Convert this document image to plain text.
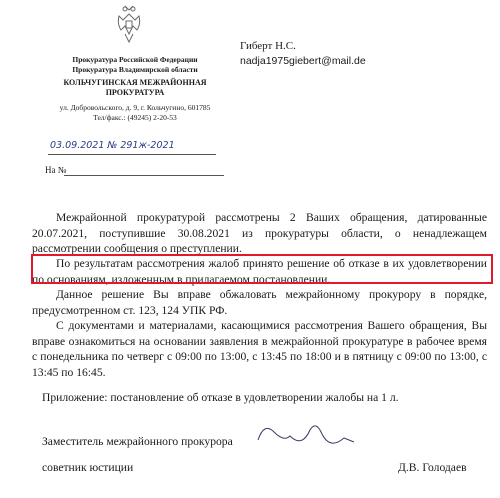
Прокуратура Российской Федерации
Прокуратура Владимирской области
КОЛЬЧУГИНСКАЯ МЕЖРАЙОННАЯ
ПРОКУРАТУРА
ул. Добровольского, д. 9, г. Кольчугино, 601785
Тел/факс.: (49245) 2-20-53
03.09.2021 № 291ж-2021
На №
Гиберт Н.С.
nadja1975giebert@mail.de
Межрайонной прокуратурой рассмотрены 2 Ваших обращения, датированные 20.07.2021, поступившие 30.08.2021 из прокуратуры области, о ненадлежащем рассмотрении сообщения о преступлении.
По результатам рассмотрения жалоб принято решение об отказе в их удовлетворении по основаниям, изложенным в прилагаемом постановлении.
Данное решение Вы вправе обжаловать межрайонному прокурору в порядке, предусмотренном ст. 123, 124 УПК РФ.
С документами и материалами, касающимися рассмотрения Вашего обращения, Вы вправе ознакомиться на основании заявления в межрайонной прокуратуре в рабочее время с понедельника по четверг с 09:00 по 13:00, с 13:45 по 18:00 и в пятницу с 09:00 по 13:00, с 13:45 по 16:45.
Приложение: постановление об отказе в удовлетворении жалобы на 1 л.
Заместитель межрайонного прокурора
советник юстиции	Д.В. Голодаев
